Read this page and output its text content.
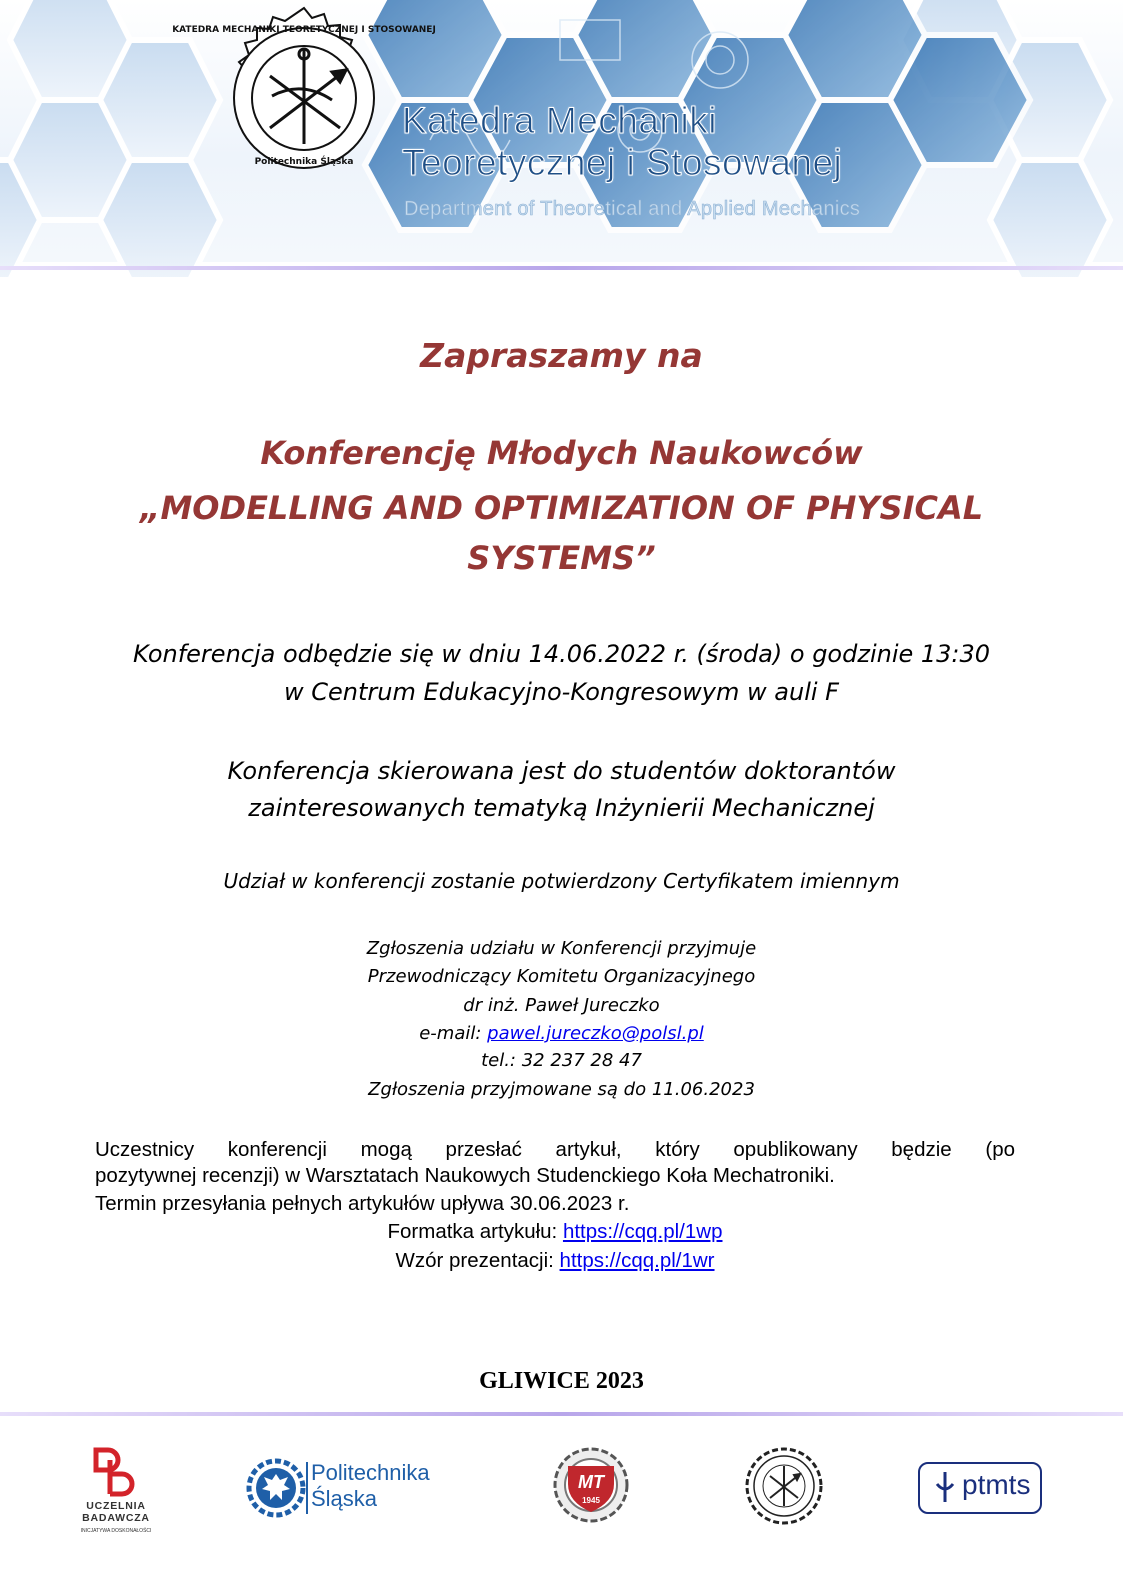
KATEDRA MECHANIKI TEORETYCZNEJ I STOSOWANEJ
Politechnika Śląska
Katedra Mechaniki
Teoretycznej i Stosowanej
Department of Theoretical and Applied Mechanics
Zapraszamy na
Konferencję Młodych Naukowców
„MODELLING AND OPTIMIZATION OF PHYSICAL
SYSTEMS”
Konferencja odbędzie się w dniu 14.06.2022 r. (środa) o godzinie 13:30
w Centrum Edukacyjno-Kongresowym w auli F
Konferencja skierowana jest do studentów doktorantów
zainteresowanych tematyką Inżynierii Mechanicznej
Udział w konferencji zostanie potwierdzony Certyfikatem imiennym
Zgłoszenia udziału w Konferencji przyjmuje
Przewodniczący Komitetu Organizacyjnego
dr inż. Paweł Jureczko
e-mail: pawel.jureczko@polsl.pl
tel.: 32 237 28 47
Zgłoszenia przyjmowane są do 11.06.2023
Uczestnicy konferencji mogą przesłać artykuł, który opublikowany będzie (po
pozytywnej recenzji) w Warsztatach Naukowych Studenckiego Koła Mechatroniki.
Termin przesyłania pełnych artykułów upływa 30.06.2023 r.
Formatka artykułu: https://cqq.pl/1wp
Wzór prezentacji: https://cqq.pl/1wr
GLIWICE 2023
UCZELNIA
BADAWCZA
INICJATYWA DOSKONAŁOŚCI
Politechnika
Śląska
MT
1945
ptmts
